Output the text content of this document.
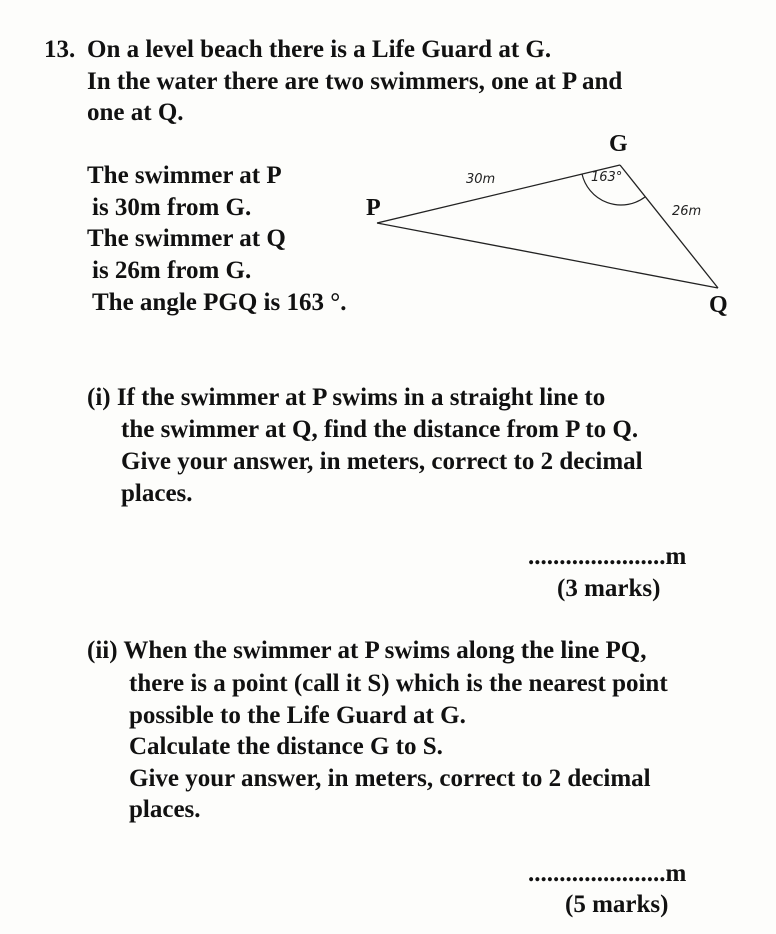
13. On a level beach there is a Life Guard at G.
In the water there are two swimmers, one at P and
one at Q.
The swimmer at P
is 30m from G.
The swimmer at Q
is 26m from G.
The angle PGQ is 163 °.
G
P
Q
30m	163°
26m
(i) If the swimmer at P swims in a straight line to
the swimmer at Q, find the distance from P to Q.
Give your answer, in meters, correct to 2 decimal
places.
......................m
(3 marks)
(ii) When the swimmer at P swims along the line PQ,
there is a point (call it S) which is the nearest point
possible to the Life Guard at G.
Calculate the distance G to S.
Give your answer, in meters, correct to 2 decimal
places.
......................m
(5 marks)
